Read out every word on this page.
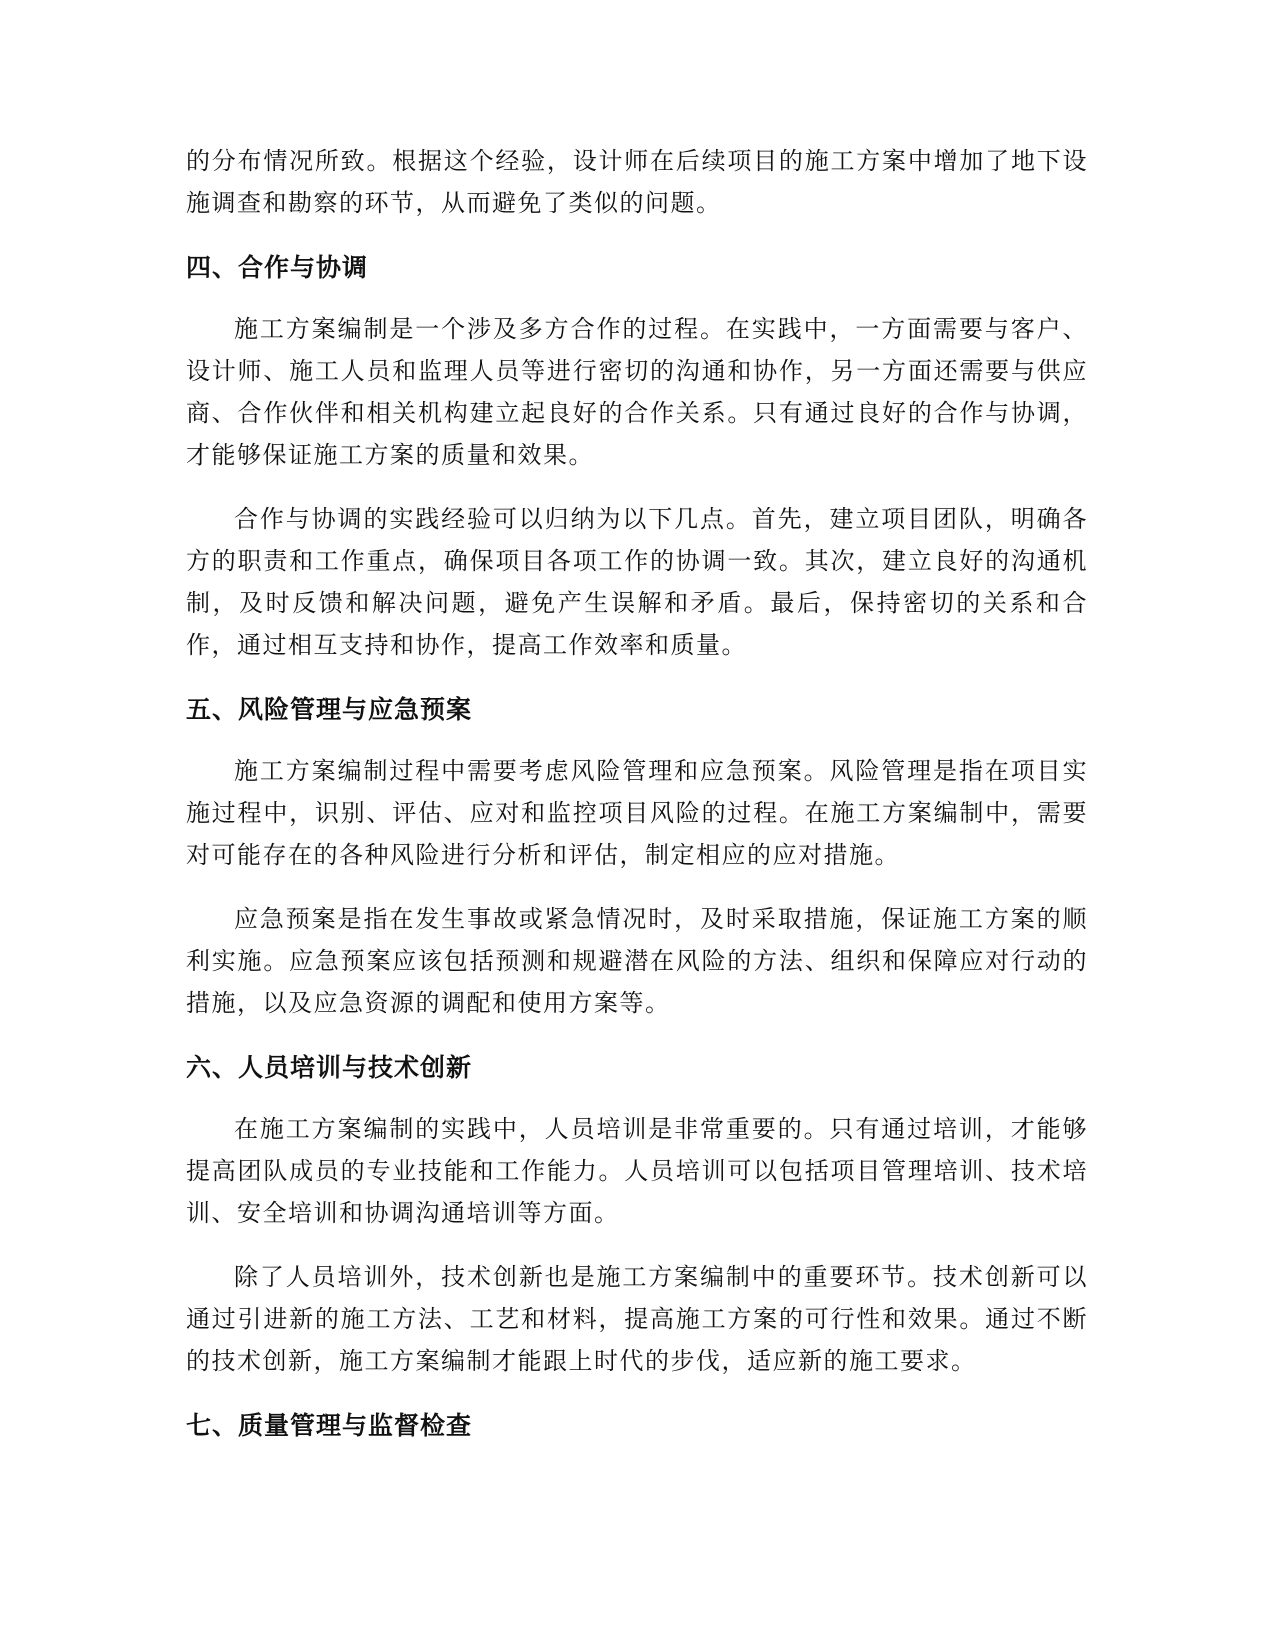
的分布情况所致。根据这个经验，设计师在后续项目的施工方案中增加了地下设施调查和勘察的环节，从而避免了类似的问题。

四、合作与协调

施工方案编制是一个涉及多方合作的过程。在实践中，一方面需要与客户、设计师、施工人员和监理人员等进行密切的沟通和协作，另一方面还需要与供应商、合作伙伴和相关机构建立起良好的合作关系。只有通过良好的合作与协调，才能够保证施工方案的质量和效果。

合作与协调的实践经验可以归纳为以下几点。首先，建立项目团队，明确各方的职责和工作重点，确保项目各项工作的协调一致。其次，建立良好的沟通机制，及时反馈和解决问题，避免产生误解和矛盾。最后，保持密切的关系和合作，通过相互支持和协作，提高工作效率和质量。

五、风险管理与应急预案

施工方案编制过程中需要考虑风险管理和应急预案。风险管理是指在项目实施过程中，识别、评估、应对和监控项目风险的过程。在施工方案编制中，需要对可能存在的各种风险进行分析和评估，制定相应的应对措施。

应急预案是指在发生事故或紧急情况时，及时采取措施，保证施工方案的顺利实施。应急预案应该包括预测和规避潜在风险的方法、组织和保障应对行动的措施，以及应急资源的调配和使用方案等。

六、人员培训与技术创新

在施工方案编制的实践中，人员培训是非常重要的。只有通过培训，才能够提高团队成员的专业技能和工作能力。人员培训可以包括项目管理培训、技术培训、安全培训和协调沟通培训等方面。

除了人员培训外，技术创新也是施工方案编制中的重要环节。技术创新可以通过引进新的施工方法、工艺和材料，提高施工方案的可行性和效果。通过不断的技术创新，施工方案编制才能跟上时代的步伐，适应新的施工要求。

七、质量管理与监督检查
